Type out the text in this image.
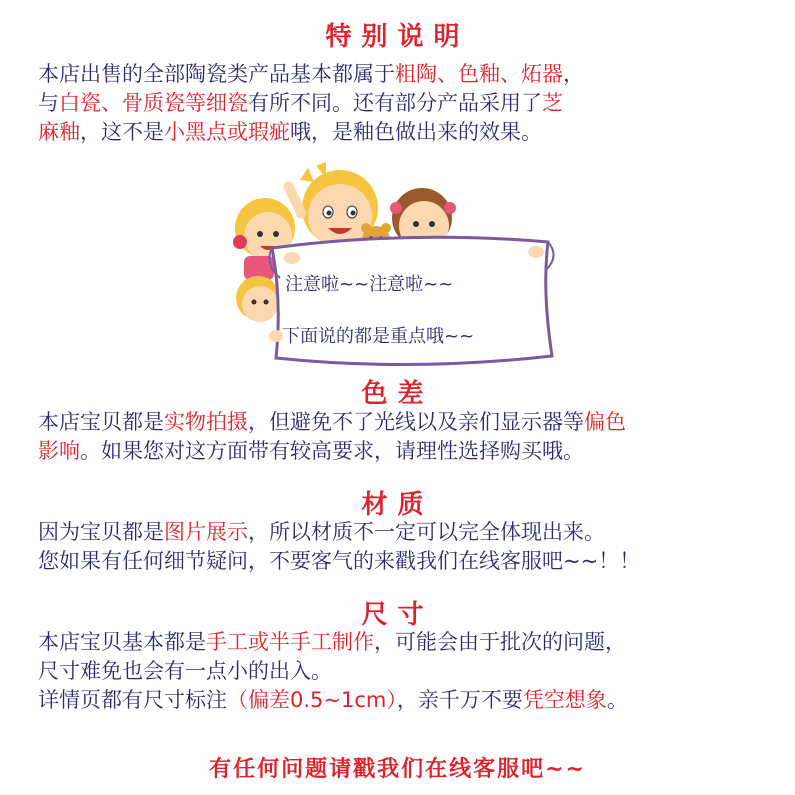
特别说明
本店出售的全部陶瓷类产品基本都属于粗陶、色釉、炻器，
与白瓷、骨质瓷等细瓷有所不同。还有部分产品采用了芝
麻釉，这不是小黑点或瑕疵哦，是釉色做出来的效果。
注意啦~~注意啦~~
下面说的都是重点哦~~
色差
本店宝贝都是实物拍摄，但避免不了光线以及亲们显示器等偏色
影响。如果您对这方面带有较高要求，请理性选择购买哦。
材质
因为宝贝都是图片展示，所以材质不一定可以完全体现出来。
您如果有任何细节疑问，不要客气的来戳我们在线客服吧~~！！
尺寸
本店宝贝基本都是手工或半手工制作，可能会由于批次的问题，
尺寸难免也会有一点小的出入。
详情页都有尺寸标注（偏差0.5~1cm），亲千万不要凭空想象。
有任何问题请戳我们在线客服吧~~
